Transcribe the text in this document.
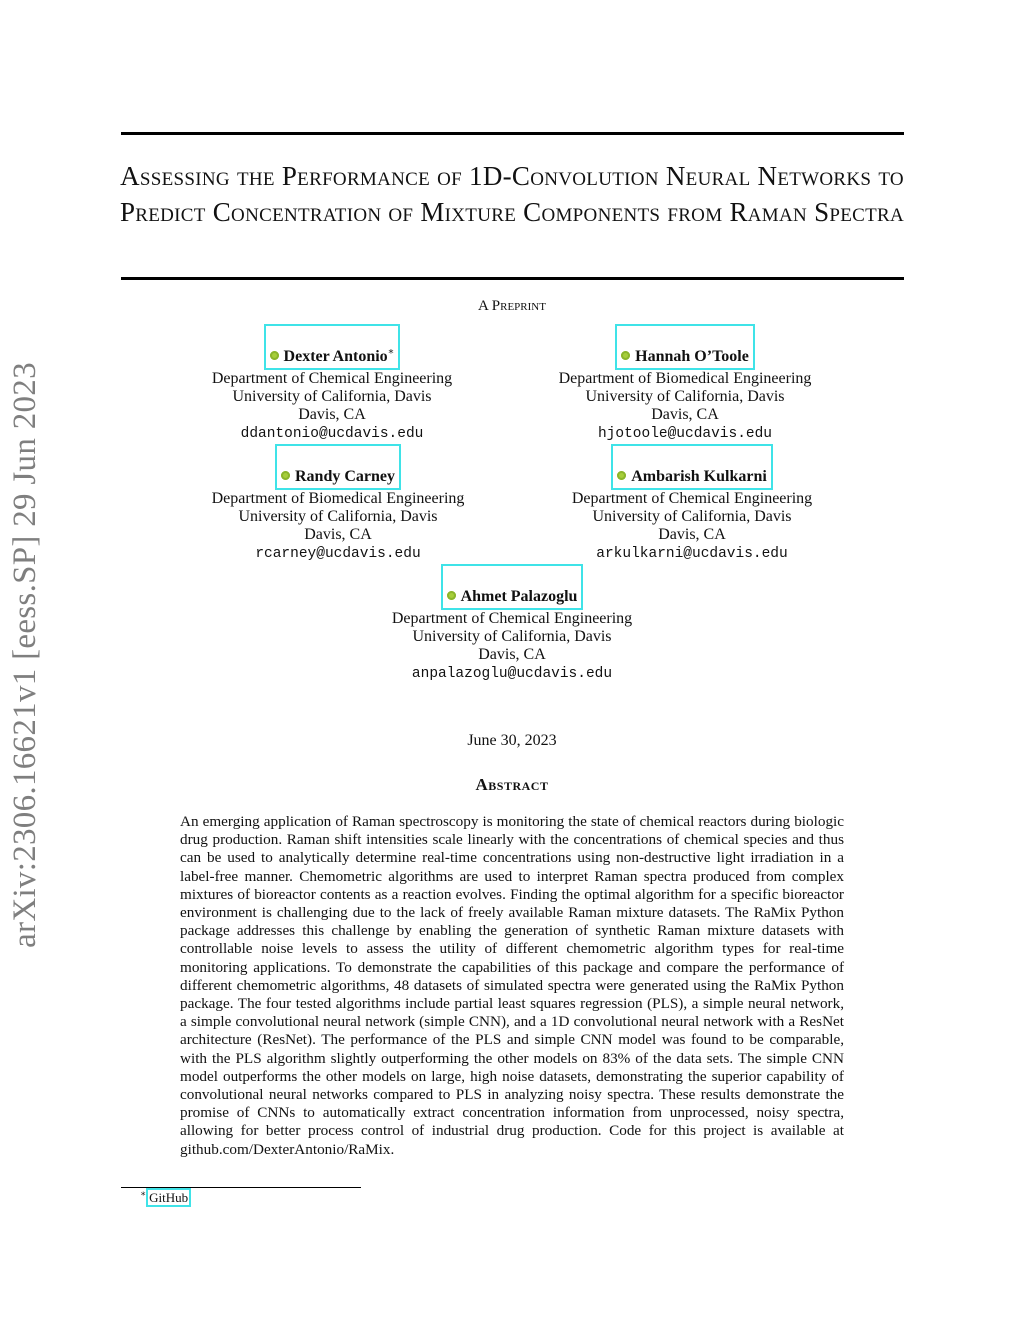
arXiv:2306.16621v1 [eess.SP] 29 Jun 2023
Assessing the Performance of 1D-Convolution Neural Networks to Predict Concentration of Mixture Components from Raman Spectra
A Preprint
Dexter Antonio∗
Department of Chemical Engineering
University of California, Davis
Davis, CA
ddantonio@ucdavis.edu
Hannah O’Toole
Department of Biomedical Engineering
University of California, Davis
Davis, CA
hjotoole@ucdavis.edu
Randy Carney
Department of Biomedical Engineering
University of California, Davis
Davis, CA
rcarney@ucdavis.edu
Ambarish Kulkarni
Department of Chemical Engineering
University of California, Davis
Davis, CA
arkulkarni@ucdavis.edu
Ahmet Palazoglu
Department of Chemical Engineering
University of California, Davis
Davis, CA
anpalazoglu@ucdavis.edu
June 30, 2023
Abstract
An emerging application of Raman spectroscopy is monitoring the state of chemical reactors during biologic drug production. Raman shift intensities scale linearly with the concentrations of chemical species and thus can be used to analytically determine real-time concentrations using non-destructive light irradiation in a label-free manner. Chemometric algorithms are used to interpret Raman spectra produced from complex mixtures of bioreactor contents as a reaction evolves. Finding the optimal algorithm for a specific bioreactor environment is challenging due to the lack of freely available Raman mixture datasets. The RaMix Python package addresses this challenge by enabling the generation of synthetic Raman mixture datasets with controllable noise levels to assess the utility of different chemometric algorithm types for real-time monitoring applications. To demonstrate the capabilities of this package and compare the performance of different chemometric algorithms, 48 datasets of simulated spectra were generated using the RaMix Python package. The four tested algorithms include partial least squares regression (PLS), a simple neural network, a simple convolutional neural network (simple CNN), and a 1D convolutional neural network with a ResNet architecture (ResNet). The performance of the PLS and simple CNN model was found to be comparable, with the PLS algorithm slightly outperforming the other models on 83% of the data sets. The simple CNN model outperforms the other models on large, high noise datasets, demonstrating the superior capability of convolutional neural networks compared to PLS in analyzing noisy spectra. These results demonstrate the promise of CNNs to automatically extract concentration information from unprocessed, noisy spectra, allowing for better process control of industrial drug production. Code for this project is available at github.com/DexterAntonio/RaMix.
∗ GitHub
